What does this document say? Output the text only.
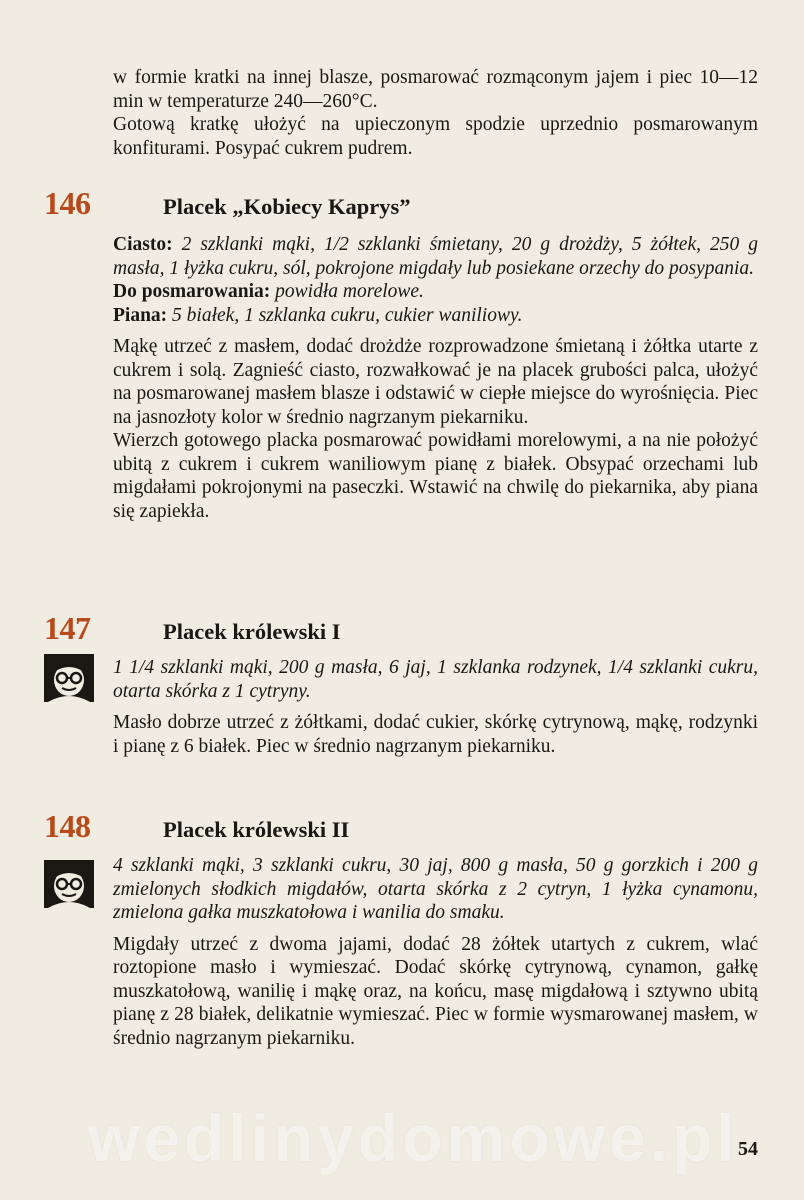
w formie kratki na innej blasze, posmarować rozmąconym jajem i piec 10—12 min w temperaturze 240—260°C.

Gotową kratkę ułożyć na upieczonym spodzie uprzednio posmarowanym konfiturami. Posypać cukrem pudrem.

146	Placek „Kobiecy Kaprys”

Ciasto: 2 szklanki mąki, 1/2 szklanki śmietany, 20 g drożdży, 5 żółtek, 250 g masła, 1 łyżka cukru, sól, pokrojone migdały lub posiekane orzechy do posypania.

Do posmarowania: powidła morelowe.

Piana: 5 białek, 1 szklanka cukru, cukier waniliowy.

Mąkę utrzeć z masłem, dodać drożdże rozprowadzone śmietaną i żółtka utarte z cukrem i solą. Zagnieść ciasto, rozwałkować je na placek grubości palca, ułożyć na posmarowanej masłem blasze i odstawić w ciepłe miejsce do wyrośnięcia. Piec na jasnozłoty kolor w średnio nagrzanym piekarniku.

Wierzch gotowego placka posmarować powidłami morelowymi, a na nie położyć ubitą z cukrem i cukrem waniliowym pianę z białek. Obsypać orzechami lub migdałami pokrojonymi na paseczki. Wstawić na chwilę do piekarnika, aby piana się zapiekła.

147	Placek królewski I

1 1/4 szklanki mąki, 200 g masła, 6 jaj, 1 szklanka rodzynek, 1/4 szklanki cukru, otarta skórka z 1 cytryny.

Masło dobrze utrzeć z żółtkami, dodać cukier, skórkę cytrynową, mąkę, rodzynki i pianę z 6 białek. Piec w średnio nagrzanym piekarniku.

148	Placek królewski II

4 szklanki mąki, 3 szklanki cukru, 30 jaj, 800 g masła, 50 g gorzkich i 200 g zmielonych słodkich migdałów, otarta skórka z 2 cytryn, 1 łyżka cynamonu, zmielona gałka muszkatołowa i wanilia do smaku.

Migdały utrzeć z dwoma jajami, dodać 28 żółtek utartych z cukrem, wlać roztopione masło i wymieszać. Dodać skórkę cytrynową, cynamon, gałkę muszkatołową, wanilię i mąkę oraz, na końcu, masę migdałową i sztywno ubitą pianę z 28 białek, delikatnie wymieszać. Piec w formie wysmarowanej masłem, w średnio nagrzanym piekarniku.

wedlinydomowe.pl 54
